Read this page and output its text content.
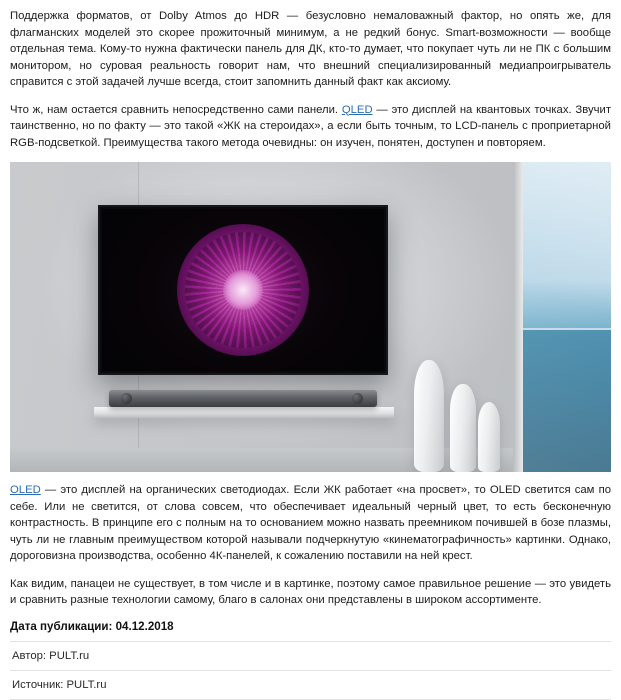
Поддержка форматов, от Dolby Atmos до HDR — безусловно немаловажный фактор, но опять же, для флагманских моделей это скорее прожиточный минимум, а не редкий бонус. Smart-возможности — вообще отдельная тема. Кому-то нужна фактически панель для ДК, кто-то думает, что покупает чуть ли не ПК с большим монитором, но суровая реальность говорит нам, что внешний специализированный медиапроигрыватель справится с этой задачей лучше всегда, стоит запомнить данный факт как аксиому.

Что ж, нам остается сравнить непосредственно сами панели. QLED — это дисплей на квантовых точках. Звучит таинственно, но по факту — это такой «ЖК на стероидах», а если быть точным, то LCD-панель с проприетарной RGB-подсветкой. Преимущества такого метода очевидны: он изучен, понятен, доступен и повторяем.

OLED — это дисплей на органических светодиодах. Если ЖК работает «на просвет», то OLED светится сам по себе. Или не светится, от слова совсем, что обеспечивает идеальный черный цвет, то есть бесконечную контрастность. В принципе его с полным на то основанием можно назвать преемником почившей в бозе плазмы, чуть ли не главным преимуществом которой называли подчеркнутую «кинематографичность» картинки. Однако, дороговизна производства, особенно 4К-панелей, к сожалению поставили на ней крест.

Как видим, панацеи не существует, в том числе и в картинке, поэтому самое правильное решение — это увидеть и сравнить разные технологии самому, благо в салонах они представлены в широком ассортименте.

Дата публикации: 04.12.2018
Автор: PULT.ru
Источник: PULT.ru
